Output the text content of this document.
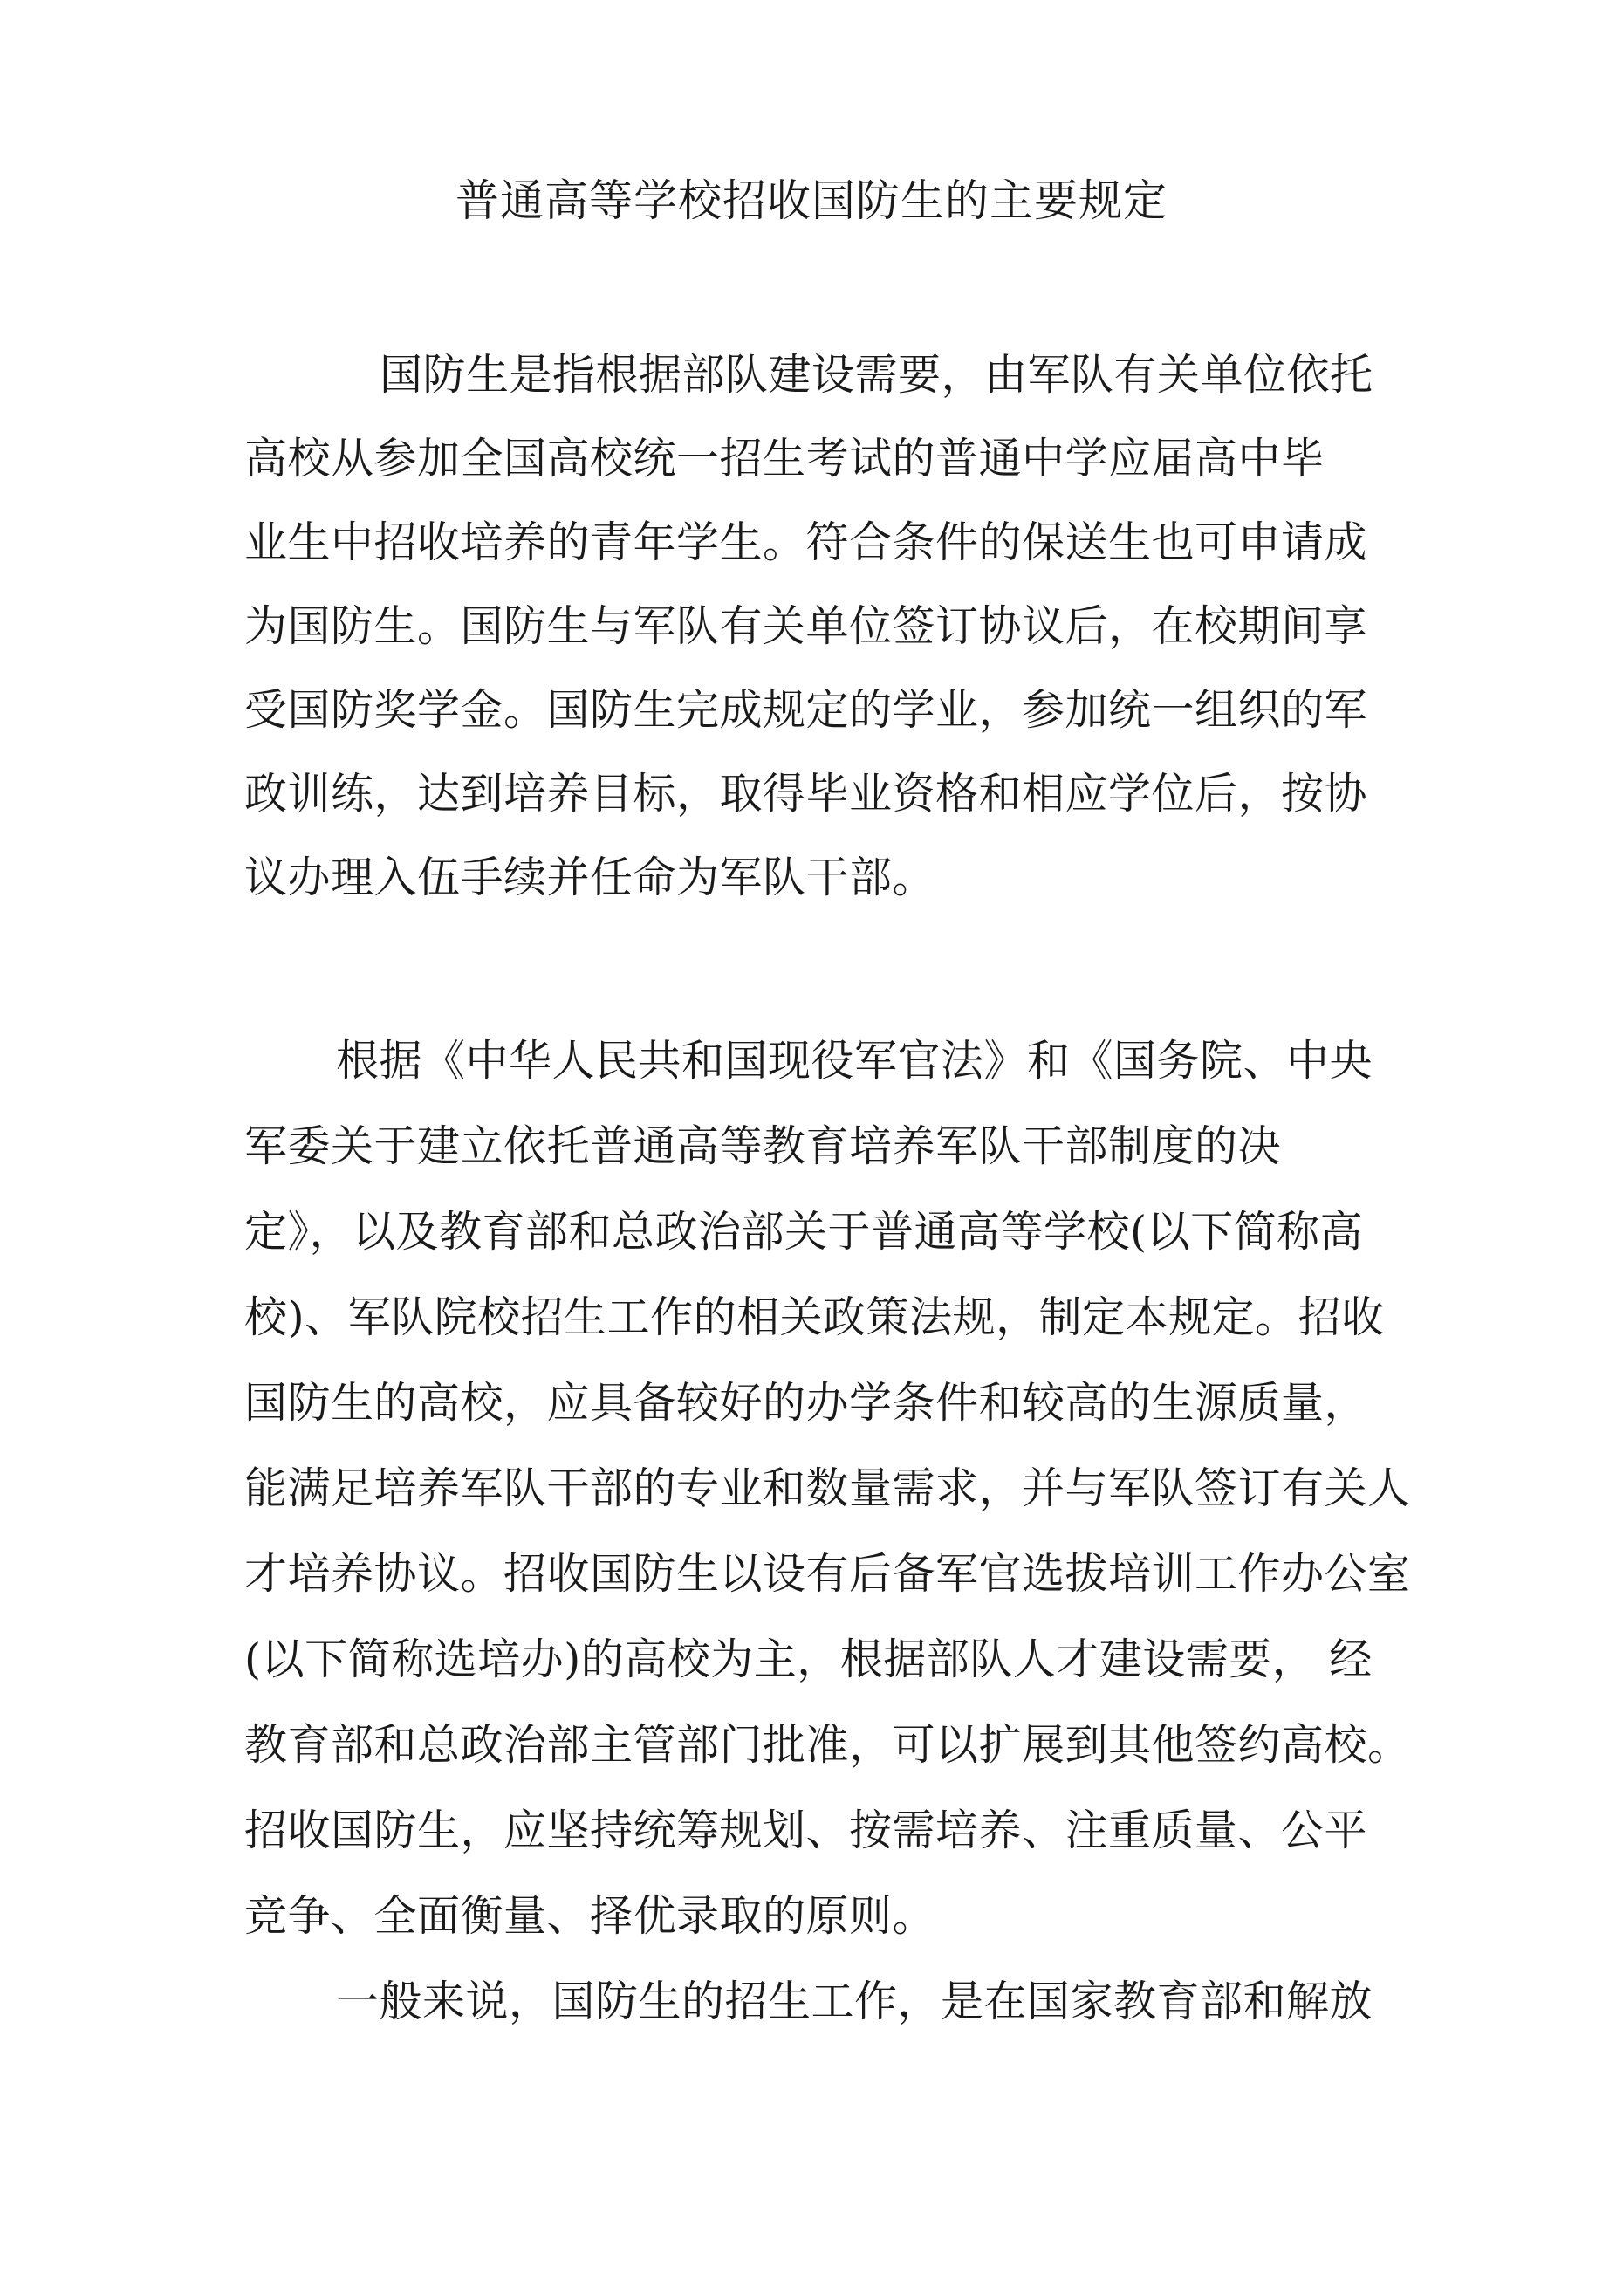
普通高等学校招收国防生的主要规定

国防生是指根据部队建设需要，由军队有关单位依托

高校从参加全国高校统一招生考试的普通中学应届高中毕

业生中招收培养的青年学生。符合条件的保送生也可申请成

为国防生。国防生与军队有关单位签订协议后，在校期间享

受国防奖学金。国防生完成规定的学业，参加统一组织的军

政训练，达到培养目标，取得毕业资格和相应学位后，按协

议办理入伍手续并任命为军队干部。

根据《中华人民共和国现役军官法》和《国务院、中央

军委关于建立依托普通高等教育培养军队干部制度的决

定》，以及教育部和总政治部关于普通高等学校(以下简称高

校)、军队院校招生工作的相关政策法规，制定本规定。招收

国防生的高校，应具备较好的办学条件和较高的生源质量，

能满足培养军队干部的专业和数量需求，并与军队签订有关人

才培养协议。招收国防生以设有后备军官选拔培训工作办公室

(以下简称选培办)的高校为主，根据部队人才建设需要， 经

教育部和总政治部主管部门批准，可以扩展到其他签约高校。

招收国防生，应坚持统筹规划、按需培养、注重质量、公平

竞争、全面衡量、择优录取的原则。

一般来说，国防生的招生工作，是在国家教育部和解放
